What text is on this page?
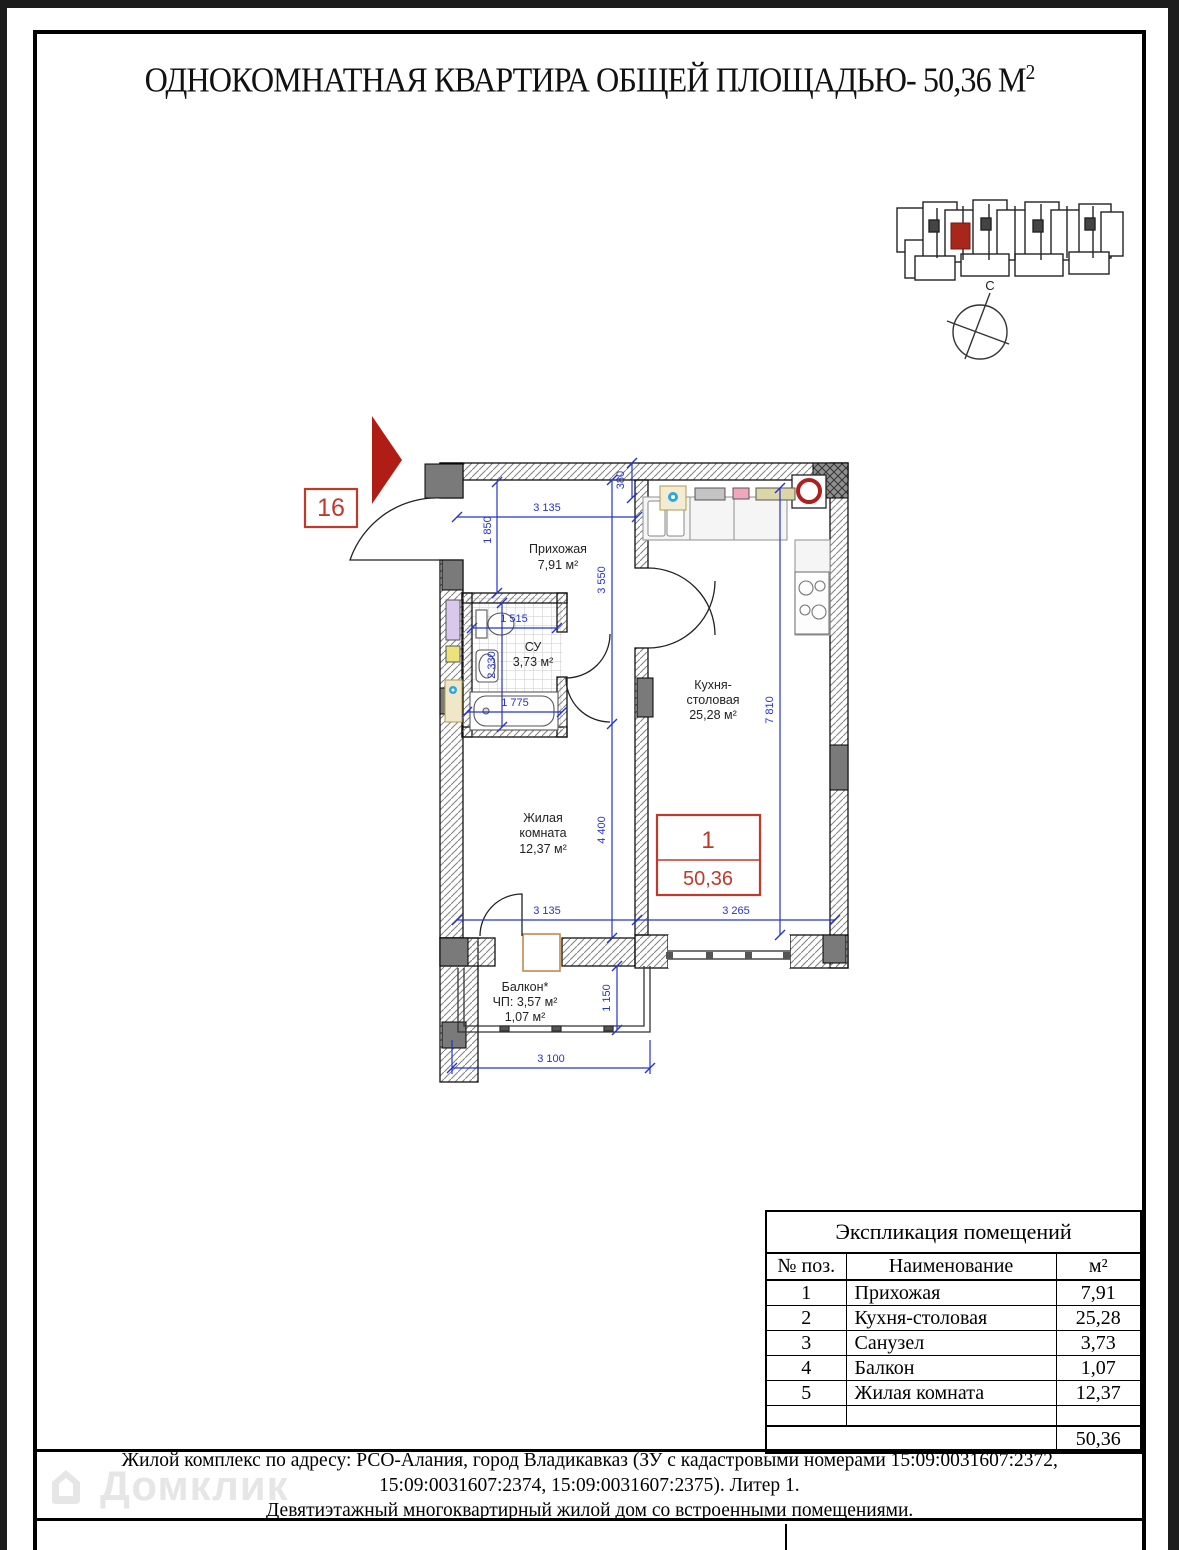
ОДНОКОМНАТНАЯ КВАРТИРА ОБЩЕЙ ПЛОЩАДЬЮ- 50,36 $М^2$
С
3 135
1 850
380
3 550
1 515
2 330
1 775	7 810
4 400
3 135	3 265
1 150
3 100
Прихожая
7,91 м²
СУ
3,73 м²
Кухня-
столовая
25,28 м²
Жилая
комната
12,37 м²
Балкон*
ЧП: 3,57 м²
1,07 м²
1
50,36
16
Экспликация помещений		
№ поз.	Наименование	м²
1	Прихожая	7,91
2	Кухня-столовая	25,28
3	Санузел	3,73
4	Балкон	1,07
5	Жилая комната	12,37

		50,36
Домклик
Жилой комплекс по адресу: РСО-Алания, город Владикавказ (ЗУ с кадастровыми номерами 15:09:0031607:2372,
15:09:0031607:2374, 15:09:0031607:2375). Литер 1.
Девятиэтажный многоквартирный жилой дом со встроенными помещениями.
